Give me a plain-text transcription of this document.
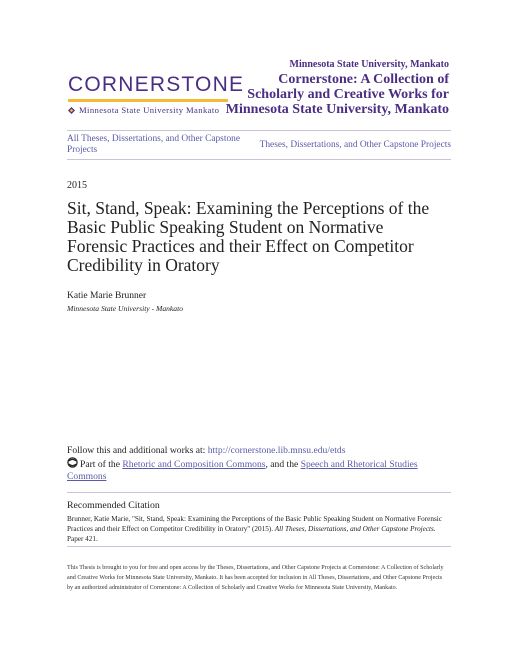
CORNERSTONE
Minnesota State University Mankato
Minnesota State University, Mankato
Cornerstone: A Collection of Scholarly and Creative Works for Minnesota State University, Mankato
All Theses, Dissertations, and Other Capstone Projects	Theses, Dissertations, and Other Capstone Projects
2015
Sit, Stand, Speak: Examining the Perceptions of the Basic Public Speaking Student on Normative Forensic Practices and their Effect on Competitor Credibility in Oratory
Katie Marie Brunner
Minnesota State University - Mankato
Follow this and additional works at: http://cornerstone.lib.mnsu.edu/etds
Part of the Rhetoric and Composition Commons, and the Speech and Rhetorical Studies Commons
Recommended Citation
Brunner, Katie Marie, "Sit, Stand, Speak: Examining the Perceptions of the Basic Public Speaking Student on Normative Forensic Practices and their Effect on Competitor Credibility in Oratory" (2015). All Theses, Dissertations, and Other Capstone Projects. Paper 421.
This Thesis is brought to you for free and open access by the Theses, Dissertations, and Other Capstone Projects at Cornerstone: A Collection of Scholarly and Creative Works for Minnesota State University, Mankato. It has been accepted for inclusion in All Theses, Dissertations, and Other Capstone Projects by an authorized administrator of Cornerstone: A Collection of Scholarly and Creative Works for Minnesota State University, Mankato.
